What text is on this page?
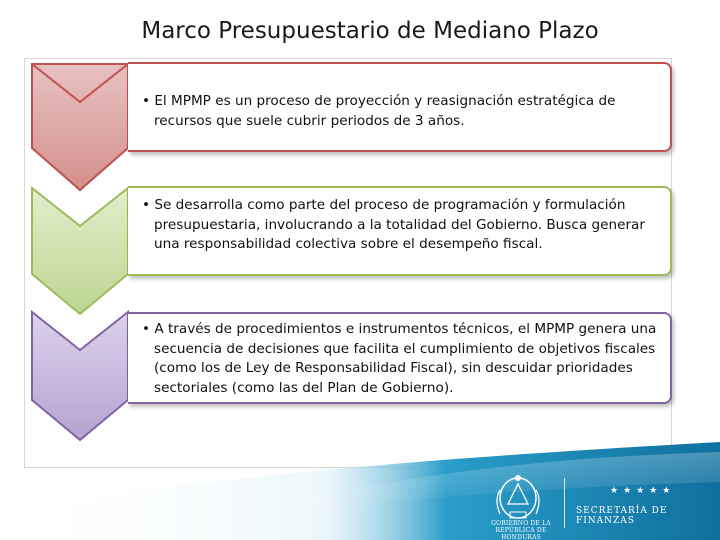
Marco Presupuestario de Mediano Plazo
• El MPMP es un proceso de proyección y reasignación estratégica de recursos que suele cubrir periodos de 3 años.
• Se desarrolla como parte del proceso de programación y formulación presupuestaria, involucrando a la totalidad del Gobierno. Busca generar una responsabilidad colectiva sobre el desempeño fiscal.
• A través de procedimientos e instrumentos técnicos, el MPMP genera una secuencia de decisiones que facilita el cumplimiento de objetivos fiscales (como los de Ley de Responsabilidad Fiscal), sin descuidar prioridades sectoriales (como las del Plan de Gobierno).
GOBIERNO DE LA
REPÚBLICA DE HONDURAS
★★★★★
SECRETARÍA DE FINANZAS
